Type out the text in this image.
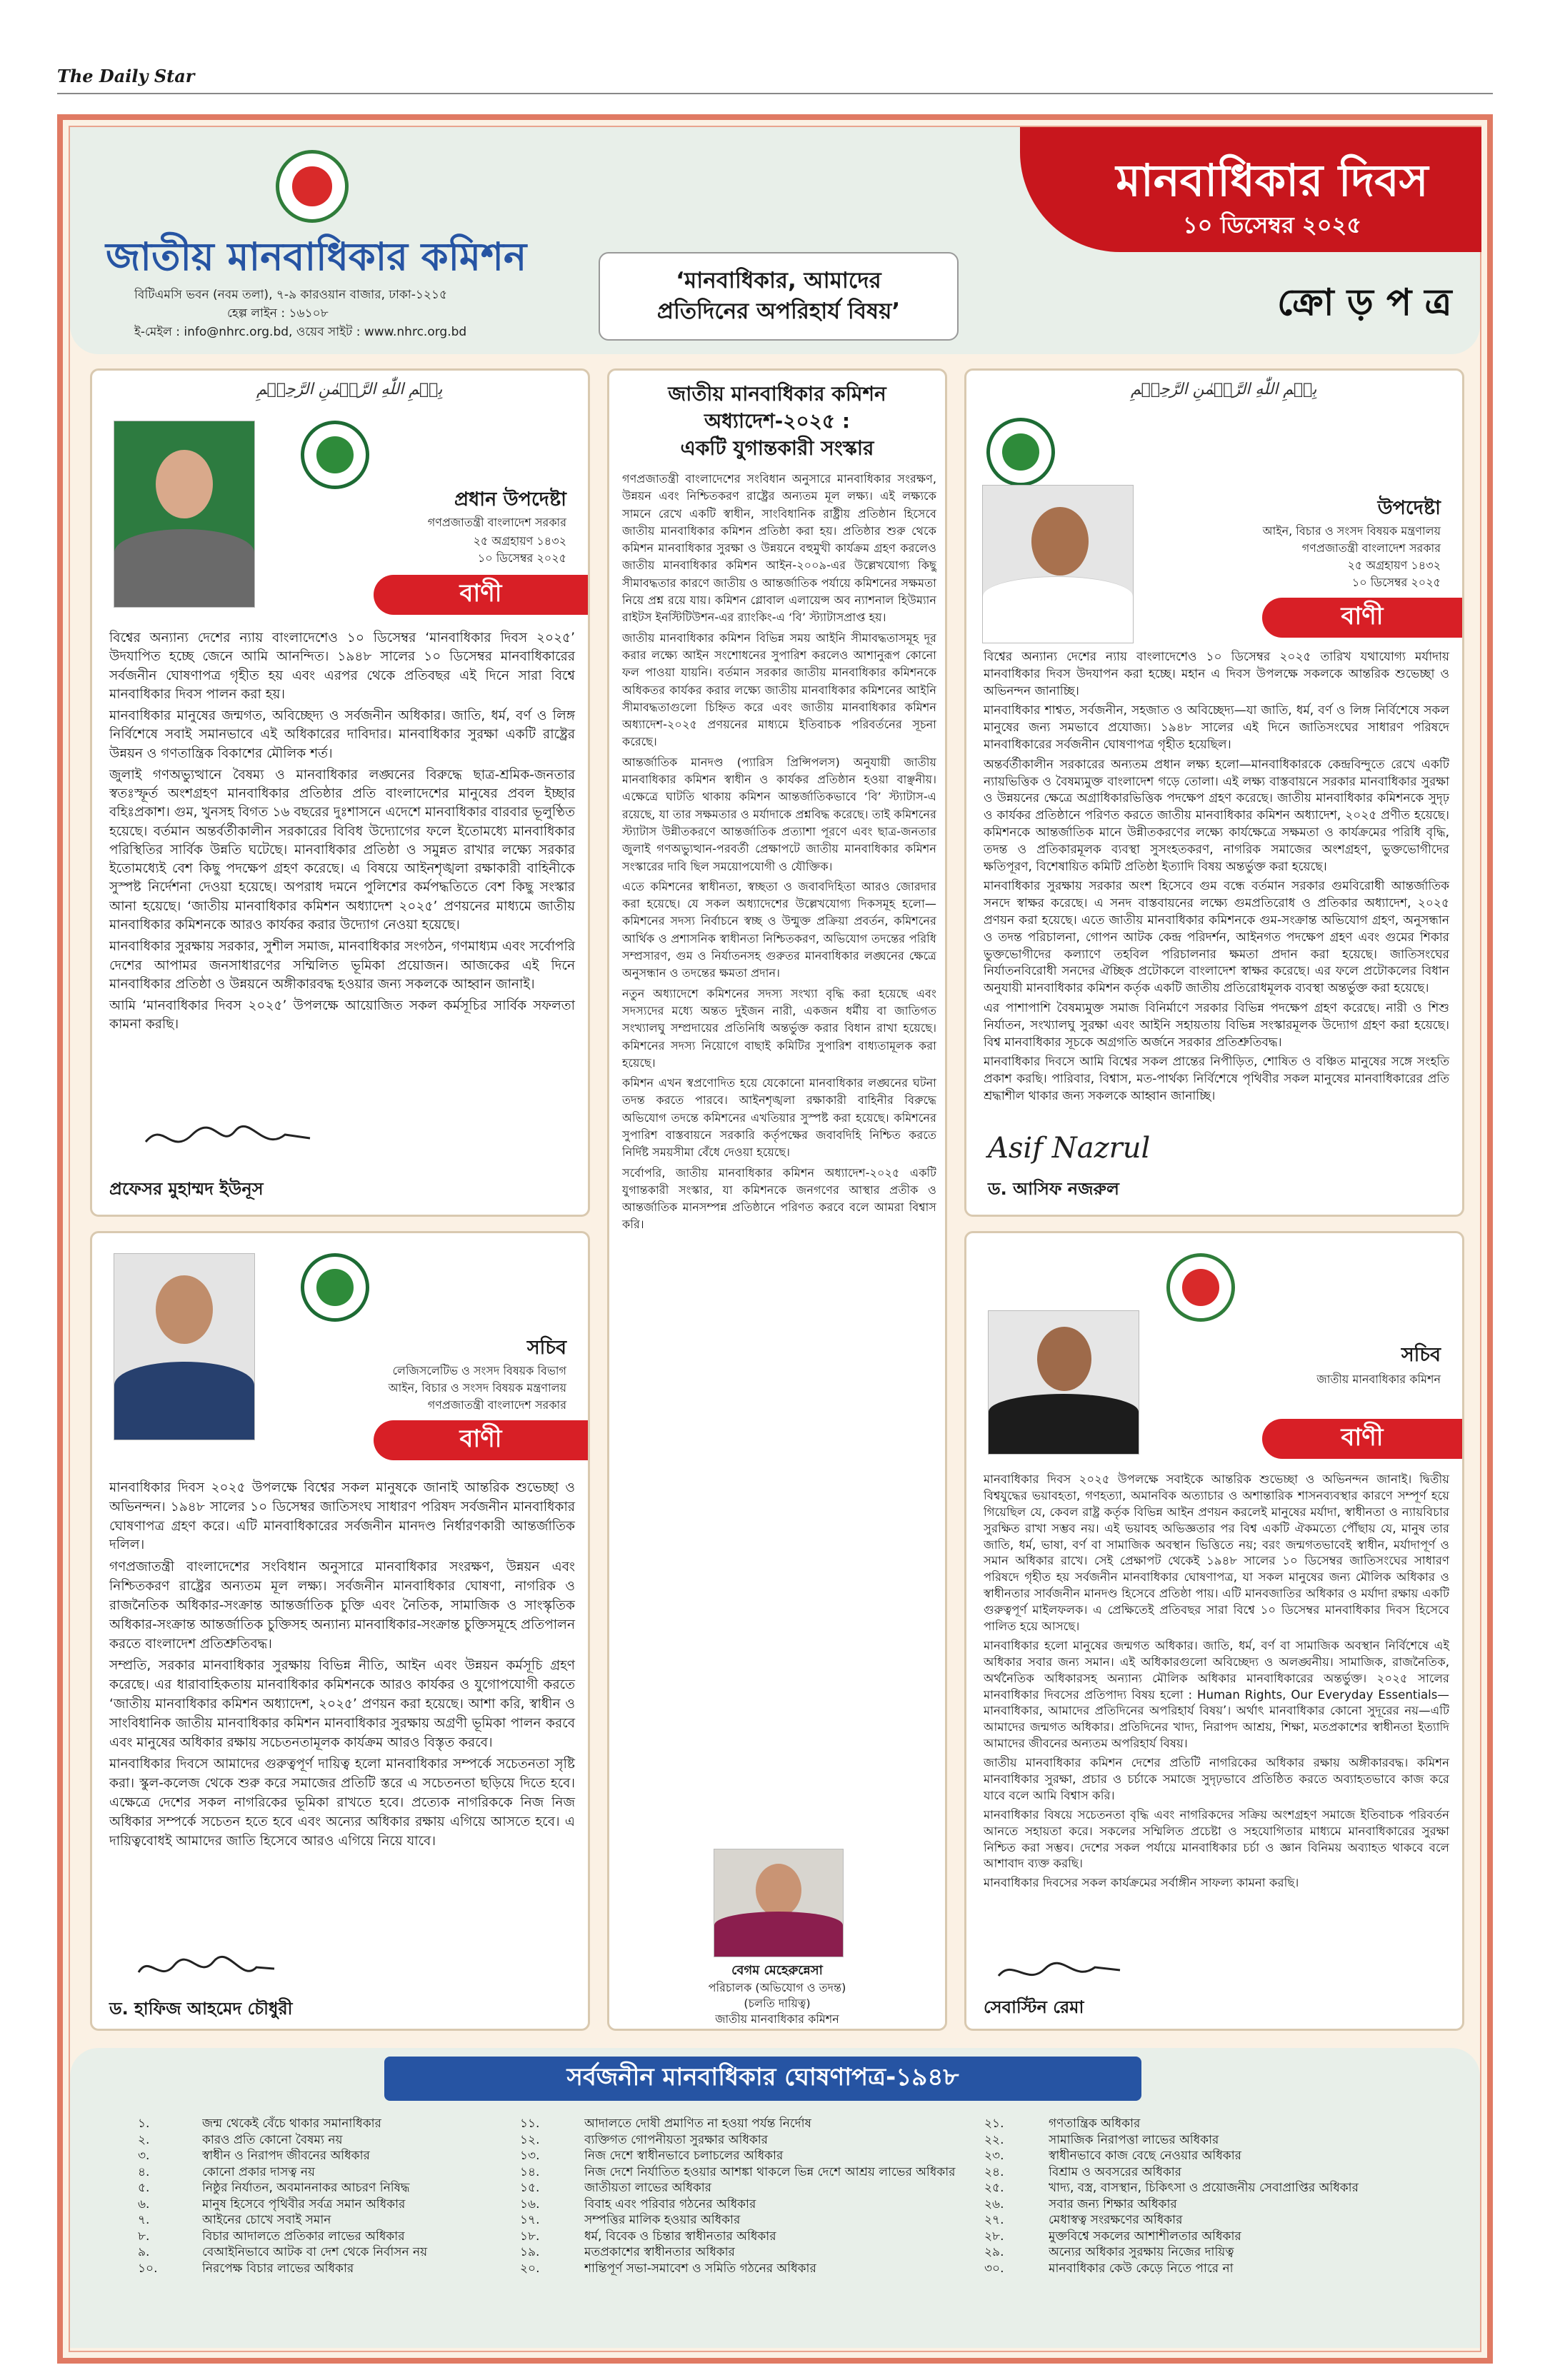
The Daily Star
জাতীয় মানবাধিকার কমিশন
বিটিএমসি ভবন (নবম তলা), ৭-৯ কারওয়ান বাজার, ঢাকা-১২১৫
হেল্প লাইন : ১৬১০৮
ই-মেইল : info@nhrc.org.bd, ওয়েব সাইট : www.nhrc.org.bd
‘মানবাধিকার, আমাদের
প্রতিদিনের অপরিহার্য বিষয়’
মানবাধিকার দিবস
১০ ডিসেম্বর ২০২৫
ক্রো ড় প ত্র
بِسۡمِ اللّٰهِ الرَّحۡمٰنِ الرَّحِيۡمِ
প্রধান উপদেষ্টা
গণপ্রজাতন্ত্রী বাংলাদেশ সরকার
২৫ অগ্রহায়ণ ১৪৩২
১০ ডিসেম্বর ২০২৫
বাণী

বিশ্বের অন্যান্য দেশের ন্যায় বাংলাদেশেও ১০ ডিসেম্বর ‘মানবাধিকার দিবস ২০২৫’ উদযাপিত হচ্ছে জেনে আমি আনন্দিত। ১৯৪৮ সালের ১০ ডিসেম্বর মানবাধিকারের সর্বজনীন ঘোষণাপত্র গৃহীত হয় এবং এরপর থেকে প্রতিবছর এই দিনে সারা বিশ্বে মানবাধিকার দিবস পালন করা হয়।

মানবাধিকার মানুষের জন্মগত, অবিচ্ছেদ্য ও সর্বজনীন অধিকার। জাতি, ধর্ম, বর্ণ ও লিঙ্গ নির্বিশেষে সবাই সমানভাবে এই অধিকারের দাবিদার। মানবাধিকার সুরক্ষা একটি রাষ্ট্রের উন্নয়ন ও গণতান্ত্রিক বিকাশের মৌলিক শর্ত।

জুলাই গণঅভ্যুত্থানে বৈষম্য ও মানবাধিকার লঙ্ঘনের বিরুদ্ধে ছাত্র-শ্রমিক-জনতার স্বতঃস্ফূর্ত অংশগ্রহণ মানবাধিকার প্রতিষ্ঠার প্রতি বাংলাদেশের মানুষের প্রবল ইচ্ছার বহিঃপ্রকাশ। গুম, খুনসহ বিগত ১৬ বছরের দুঃশাসনে এদেশে মানবাধিকার বারবার ভূলুণ্ঠিত হয়েছে। বর্তমান অন্তর্বর্তীকালীন সরকারের বিবিধ উদ্যোগের ফলে ইতোমধ্যে মানবাধিকার পরিস্থিতির সার্বিক উন্নতি ঘটেছে। মানবাধিকার প্রতিষ্ঠা ও সমুন্নত রাখার লক্ষ্যে সরকার ইতোমধ্যেই বেশ কিছু পদক্ষেপ গ্রহণ করেছে। এ বিষয়ে আইনশৃঙ্খলা রক্ষাকারী বাহিনীকে সুস্পষ্ট নির্দেশনা দেওয়া হয়েছে। অপরাধ দমনে পুলিশের কর্মপদ্ধতিতে বেশ কিছু সংস্কার আনা হয়েছে। ‘জাতীয় মানবাধিকার কমিশন অধ্যাদেশ ২০২৫’ প্রণয়নের মাধ্যমে জাতীয় মানবাধিকার কমিশনকে আরও কার্যকর করার উদ্যোগ নেওয়া হয়েছে।

মানবাধিকার সুরক্ষায় সরকার, সুশীল সমাজ, মানবাধিকার সংগঠন, গণমাধ্যম এবং সর্বোপরি দেশের আপামর জনসাধারণের সম্মিলিত ভূমিকা প্রয়োজন। আজকের এই দিনে মানবাধিকার প্রতিষ্ঠা ও উন্নয়নে অঙ্গীকারবদ্ধ হওয়ার জন্য সকলকে আহ্বান জানাই।

আমি ‘মানবাধিকার দিবস ২০২৫’ উপলক্ষে আয়োজিত সকল কর্মসূচির সার্বিক সফলতা কামনা করছি।

প্রফেসর মুহাম্মদ ইউনূস
জাতীয় মানবাধিকার কমিশন
অধ্যাদেশ-২০২৫ :
একটি যুগান্তকারী সংস্কার

গণপ্রজাতন্ত্রী বাংলাদেশের সংবিধান অনুসারে মানবাধিকার সংরক্ষণ, উন্নয়ন এবং নিশ্চিতকরণ রাষ্ট্রের অন্যতম মূল লক্ষ্য। এই লক্ষ্যকে সামনে রেখে একটি স্বাধীন, সাংবিধানিক রাষ্ট্রীয় প্রতিষ্ঠান হিসেবে জাতীয় মানবাধিকার কমিশন প্রতিষ্ঠা করা হয়। প্রতিষ্ঠার শুরু থেকে কমিশন মানবাধিকার সুরক্ষা ও উন্নয়নে বহুমুখী কার্যক্রম গ্রহণ করলেও জাতীয় মানবাধিকার কমিশন আইন-২০০৯-এর উল্লেখযোগ্য কিছু সীমাবদ্ধতার কারণে জাতীয় ও আন্তর্জাতিক পর্যায়ে কমিশনের সক্ষমতা নিয়ে প্রশ্ন রয়ে যায়। কমিশন গ্লোবাল এলায়েন্স অব ন্যাশনাল হিউম্যান রাইটস ইনস্টিটিউশন-এর র‍্যাংকিং-এ ‘বি’ স্ট্যাটাসপ্রাপ্ত হয়।

জাতীয় মানবাধিকার কমিশন বিভিন্ন সময় আইনি সীমাবদ্ধতাসমূহ দূর করার লক্ষ্যে আইন সংশোধনের সুপারিশ করলেও আশানুরূপ কোনো ফল পাওয়া যায়নি। বর্তমান সরকার জাতীয় মানবাধিকার কমিশনকে অধিকতর কার্যকর করার লক্ষ্যে জাতীয় মানবাধিকার কমিশনের আইনি সীমাবদ্ধতাগুলো চিহ্নিত করে এবং জাতীয় মানবাধিকার কমিশন অধ্যাদেশ-২০২৫ প্রণয়নের মাধ্যমে ইতিবাচক পরিবর্তনের সূচনা করেছে।

আন্তর্জাতিক মানদণ্ড (প্যারিস প্রিন্সিপলস) অনুযায়ী জাতীয় মানবাধিকার কমিশন স্বাধীন ও কার্যকর প্রতিষ্ঠান হওয়া বাঞ্ছনীয়। এক্ষেত্রে ঘাটতি থাকায় কমিশন আন্তর্জাতিকভাবে ‘বি’ স্ট্যাটাস-এ রয়েছে, যা তার সক্ষমতার ও মর্যাদাকে প্রশ্নবিদ্ধ করেছে। তাই কমিশনের স্ট্যাটাস উন্নীতকরণে আন্তর্জাতিক প্রত্যাশা পূরণে এবং ছাত্র-জনতার জুলাই গণঅভ্যুত্থান-পরবর্তী প্রেক্ষাপটে জাতীয় মানবাধিকার কমিশন সংস্কারের দাবি ছিল সময়োপযোগী ও যৌক্তিক।

এতে কমিশনের স্বাধীনতা, স্বচ্ছতা ও জবাবদিহিতা আরও জোরদার করা হয়েছে। যে সকল অধ্যাদেশের উল্লেখযোগ্য দিকসমূহ হলো—কমিশনের সদস্য নির্বাচনে স্বচ্ছ ও উন্মুক্ত প্রক্রিয়া প্রবর্তন, কমিশনের আর্থিক ও প্রশাসনিক স্বাধীনতা নিশ্চিতকরণ, অভিযোগ তদন্তের পরিধি সম্প্রসারণ, গুম ও নির্যাতনসহ গুরুতর মানবাধিকার লঙ্ঘনের ক্ষেত্রে অনুসন্ধান ও তদন্তের ক্ষমতা প্রদান।

নতুন অধ্যাদেশে কমিশনের সদস্য সংখ্যা বৃদ্ধি করা হয়েছে এবং সদস্যদের মধ্যে অন্তত দুইজন নারী, একজন ধর্মীয় বা জাতিগত সংখ্যালঘু সম্প্রদায়ের প্রতিনিধি অন্তর্ভুক্ত করার বিধান রাখা হয়েছে। কমিশনের সদস্য নিয়োগে বাছাই কমিটির সুপারিশ বাধ্যতামূলক করা হয়েছে।

কমিশন এখন স্বপ্রণোদিত হয়ে যেকোনো মানবাধিকার লঙ্ঘনের ঘটনা তদন্ত করতে পারবে। আইনশৃঙ্খলা রক্ষাকারী বাহিনীর বিরুদ্ধে অভিযোগ তদন্তে কমিশনের এখতিয়ার সুস্পষ্ট করা হয়েছে। কমিশনের সুপারিশ বাস্তবায়নে সরকারি কর্তৃপক্ষের জবাবদিহি নিশ্চিত করতে নির্দিষ্ট সময়সীমা বেঁধে দেওয়া হয়েছে।

সর্বোপরি, জাতীয় মানবাধিকার কমিশন অধ্যাদেশ-২০২৫ একটি যুগান্তকারী সংস্কার, যা কমিশনকে জনগণের আস্থার প্রতীক ও আন্তর্জাতিক মানসম্পন্ন প্রতিষ্ঠানে পরিণত করবে বলে আমরা বিশ্বাস করি।

বেগম মেহেরুন্নেসা
পরিচালক (অভিযোগ ও তদন্ত)
(চলতি দায়িত্ব)
জাতীয় মানবাধিকার কমিশন
بِسۡمِ اللّٰهِ الرَّحۡمٰنِ الرَّحِيۡمِ
উপদেষ্টা
আইন, বিচার ও সংসদ বিষয়ক মন্ত্রণালয়
গণপ্রজাতন্ত্রী বাংলাদেশ সরকার
২৫ অগ্রহায়ণ ১৪৩২
১০ ডিসেম্বর ২০২৫
বাণী

বিশ্বের অন্যান্য দেশের ন্যায় বাংলাদেশেও ১০ ডিসেম্বর ২০২৫ তারিখ যথাযোগ্য মর্যাদায় মানবাধিকার দিবস উদযাপন করা হচ্ছে। মহান এ দিবস উপলক্ষে সকলকে আন্তরিক শুভেচ্ছা ও অভিনন্দন জানাচ্ছি।

মানবাধিকার শাশ্বত, সর্বজনীন, সহজাত ও অবিচ্ছেদ্য—যা জাতি, ধর্ম, বর্ণ ও লিঙ্গ নির্বিশেষে সকল মানুষের জন্য সমভাবে প্রযোজ্য। ১৯৪৮ সালের এই দিনে জাতিসংঘের সাধারণ পরিষদে মানবাধিকারের সর্বজনীন ঘোষণাপত্র গৃহীত হয়েছিল।

অন্তর্বর্তীকালীন সরকারের অন্যতম প্রধান লক্ষ্য হলো—মানবাধিকারকে কেন্দ্রবিন্দুতে রেখে একটি ন্যায়ভিত্তিক ও বৈষম্যমুক্ত বাংলাদেশ গড়ে তোলা। এই লক্ষ্য বাস্তবায়নে সরকার মানবাধিকার সুরক্ষা ও উন্নয়নের ক্ষেত্রে অগ্রাধিকারভিত্তিক পদক্ষেপ গ্রহণ করেছে। জাতীয় মানবাধিকার কমিশনকে সুদৃঢ় ও কার্যকর প্রতিষ্ঠানে পরিণত করতে জাতীয় মানবাধিকার কমিশন অধ্যাদেশ, ২০২৫ প্রণীত হয়েছে। কমিশনকে আন্তর্জাতিক মানে উন্নীতকরণের লক্ষ্যে কার্যক্ষেত্রে সক্ষমতা ও কার্যক্রমের পরিধি বৃদ্ধি, তদন্ত ও প্রতিকারমূলক ব্যবস্থা সুসংহতকরণ, নাগরিক সমাজের অংশগ্রহণ, ভুক্তভোগীদের ক্ষতিপূরণ, বিশেষায়িত কমিটি প্রতিষ্ঠা ইত্যাদি বিষয় অন্তর্ভুক্ত করা হয়েছে।

মানবাধিকার সুরক্ষায় সরকার অংশ হিসেবে গুম বন্ধে বর্তমান সরকার গুমবিরোধী আন্তর্জাতিক সনদে স্বাক্ষর করেছে। এ সনদ বাস্তবায়নের লক্ষ্যে গুমপ্রতিরোধ ও প্রতিকার অধ্যাদেশ, ২০২৫ প্রণয়ন করা হয়েছে। এতে জাতীয় মানবাধিকার কমিশনকে গুম-সংক্রান্ত অভিযোগ গ্রহণ, অনুসন্ধান ও তদন্ত পরিচালনা, গোপন আটক কেন্দ্র পরিদর্শন, আইনগত পদক্ষেপ গ্রহণ এবং গুমের শিকার ভুক্তভোগীদের কল্যাণে তহবিল পরিচালনার ক্ষমতা প্রদান করা হয়েছে। জাতিসংঘের নির্যাতনবিরোধী সনদের ঐচ্ছিক প্রটোকলে বাংলাদেশ স্বাক্ষর করেছে। এর ফলে প্রটোকলের বিধান অনুযায়ী মানবাধিকার কমিশন কর্তৃক একটি জাতীয় প্রতিরোধমূলক ব্যবস্থা অন্তর্ভুক্ত করা হয়েছে।

এর পাশাপাশি বৈষম্যমুক্ত সমাজ বিনির্মাণে সরকার বিভিন্ন পদক্ষেপ গ্রহণ করেছে। নারী ও শিশু নির্যাতন, সংখ্যালঘু সুরক্ষা এবং আইনি সহায়তায় বিভিন্ন সংস্কারমূলক উদ্যোগ গ্রহণ করা হয়েছে। বিশ্ব মানবাধিকার সূচকে অগ্রগতি অর্জনে সরকার প্রতিশ্রুতিবদ্ধ।

মানবাধিকার দিবসে আমি বিশ্বের সকল প্রান্তের নিপীড়িত, শোষিত ও বঞ্চিত মানুষের সঙ্গে সংহতি প্রকাশ করছি। পারিবার, বিশ্বাস, মত-পার্থক্য নির্বিশেষে পৃথিবীর সকল মানুষের মানবাধিকারের প্রতি শ্রদ্ধাশীল থাকার জন্য সকলকে আহ্বান জানাচ্ছি।

Asif Nazrul
ড. আসিফ নজরুল
সচিব
লেজিসলেটিভ ও সংসদ বিষয়ক বিভাগ
আইন, বিচার ও সংসদ বিষয়ক মন্ত্রণালয়
গণপ্রজাতন্ত্রী বাংলাদেশ সরকার
বাণী

মানবাধিকার দিবস ২০২৫ উপলক্ষে বিশ্বের সকল মানুষকে জানাই আন্তরিক শুভেচ্ছা ও অভিনন্দন। ১৯৪৮ সালের ১০ ডিসেম্বর জাতিসংঘ সাধারণ পরিষদ সর্বজনীন মানবাধিকার ঘোষণাপত্র গ্রহণ করে। এটি মানবাধিকারের সর্বজনীন মানদণ্ড নির্ধারণকারী আন্তর্জাতিক দলিল।

গণপ্রজাতন্ত্রী বাংলাদেশের সংবিধান অনুসারে মানবাধিকার সংরক্ষণ, উন্নয়ন এবং নিশ্চিতকরণ রাষ্ট্রের অন্যতম মূল লক্ষ্য। সর্বজনীন মানবাধিকার ঘোষণা, নাগরিক ও রাজনৈতিক অধিকার-সংক্রান্ত আন্তর্জাতিক চুক্তি এবং নৈতিক, সামাজিক ও সাংস্কৃতিক অধিকার-সংক্রান্ত আন্তর্জাতিক চুক্তিসহ অন্যান্য মানবাধিকার-সংক্রান্ত চুক্তিসমূহে প্রতিপালন করতে বাংলাদেশ প্রতিশ্রুতিবদ্ধ।

সম্প্রতি, সরকার মানবাধিকার সুরক্ষায় বিভিন্ন নীতি, আইন এবং উন্নয়ন কর্মসূচি গ্রহণ করেছে। এর ধারাবাহিকতায় মানবাধিকার কমিশনকে আরও কার্যকর ও যুগোপযোগী করতে ‘জাতীয় মানবাধিকার কমিশন অধ্যাদেশ, ২০২৫’ প্রণয়ন করা হয়েছে। আশা করি, স্বাধীন ও সাংবিধানিক জাতীয় মানবাধিকার কমিশন মানবাধিকার সুরক্ষায় অগ্রণী ভূমিকা পালন করবে এবং মানুষের অধিকার রক্ষায় সচেতনতামূলক কার্যক্রম আরও বিস্তৃত করবে।

মানবাধিকার দিবসে আমাদের গুরুত্বপূর্ণ দায়িত্ব হলো মানবাধিকার সম্পর্কে সচেতনতা সৃষ্টি করা। স্কুল-কলেজ থেকে শুরু করে সমাজের প্রতিটি স্তরে এ সচেতনতা ছড়িয়ে দিতে হবে। এক্ষেত্রে দেশের সকল নাগরিকের ভূমিকা রাখতে হবে। প্রত্যেক নাগরিককে নিজ নিজ অধিকার সম্পর্কে সচেতন হতে হবে এবং অন্যের অধিকার রক্ষায় এগিয়ে আসতে হবে। এ দায়িত্ববোধই আমাদের জাতি হিসেবে আরও এগিয়ে নিয়ে যাবে।

ড. হাফিজ আহমেদ চৌধুরী
সচিব
জাতীয় মানবাধিকার কমিশন
বাণী

মানবাধিকার দিবস ২০২৫ উপলক্ষে সবাইকে আন্তরিক শুভেচ্ছা ও অভিনন্দন জানাই। দ্বিতীয় বিশ্বযুদ্ধের ভয়াবহতা, গণহত্যা, অমানবিক অত্যাচার ও অশান্তারিক শাসনব্যবস্থার কারণে সম্পূর্ণ হয়ে গিয়েছিল যে, কেবল রাষ্ট্র কর্তৃক বিভিন্ন আইন প্রণয়ন করলেই মানুষের মর্যাদা, স্বাধীনতা ও ন্যায়বিচার সুরক্ষিত রাখা সম্ভব নয়। এই ভয়াবহ অভিজ্ঞতার পর বিশ্ব একটি ঐকমত্যে পৌঁছায় যে, মানুষ তার জাতি, ধর্ম, ভাষা, বর্ণ বা সামাজিক অবস্থান ভিত্তিতে নয়; বরং জন্মগতভাবেই স্বাধীন, মর্যাদাপূর্ণ ও সমান অধিকার রাখে। সেই প্রেক্ষাপট থেকেই ১৯৪৮ সালের ১০ ডিসেম্বর জাতিসংঘের সাধারণ পরিষদে গৃহীত হয় সর্বজনীন মানবাধিকার ঘোষণাপত্র, যা সকল মানুষের জন্য মৌলিক অধিকার ও স্বাধীনতার সার্বজনীন মানদণ্ড হিসেবে প্রতিষ্ঠা পায়। এটি মানবজাতির অধিকার ও মর্যাদা রক্ষায় একটি গুরুত্বপূর্ণ মাইলফলক। এ প্রেক্ষিতেই প্রতিবছর সারা বিশ্বে ১০ ডিসেম্বর মানবাধিকার দিবস হিসেবে পালিত হয়ে আসছে।

মানবাধিকার হলো মানুষের জন্মগত অধিকার। জাতি, ধর্ম, বর্ণ বা সামাজিক অবস্থান নির্বিশেষে এই অধিকার সবার জন্য সমান। এই অধিকারগুলো অবিচ্ছেদ্য ও অলঙ্ঘনীয়। সামাজিক, রাজনৈতিক, অর্থনৈতিক অধিকারসহ অন্যান্য মৌলিক অধিকার মানবাধিকারের অন্তর্ভুক্ত। ২০২৫ সালের মানবাধিকার দিবসের প্রতিপাদ্য বিষয় হলো : Human Rights, Our Everyday Essentials—মানবাধিকার, আমাদের প্রতিদিনের অপরিহার্য বিষয়’। অর্থাৎ মানবাধিকার কোনো সুদূরের নয়—এটি আমাদের জন্মগত অধিকার। প্রতিদিনের খাদ্য, নিরাপদ আশ্রয়, শিক্ষা, মতপ্রকাশের স্বাধীনতা ইত্যাদি আমাদের জীবনের অন্যতম অপরিহার্য বিষয়।

জাতীয় মানবাধিকার কমিশন দেশের প্রতিটি নাগরিকের অধিকার রক্ষায় অঙ্গীকারবদ্ধ। কমিশন মানবাধিকার সুরক্ষা, প্রচার ও চর্চাকে সমাজে সুদৃঢ়ভাবে প্রতিষ্ঠিত করতে অব্যাহতভাবে কাজ করে যাবে বলে আমি বিশ্বাস করি।

মানবাধিকার বিষয়ে সচেতনতা বৃদ্ধি এবং নাগরিকদের সক্রিয় অংশগ্রহণ সমাজে ইতিবাচক পরিবর্তন আনতে সহায়তা করে। সকলের সম্মিলিত প্রচেষ্টা ও সহযোগিতার মাধ্যমে মানবাধিকারের সুরক্ষা নিশ্চিত করা সম্ভব। দেশের সকল পর্যায়ে মানবাধিকার চর্চা ও জ্ঞান বিনিময় অব্যাহত থাকবে বলে আশাবাদ ব্যক্ত করছি।

মানবাধিকার দিবসের সকল কার্যক্রমের সর্বাঙ্গীন সাফল্য কামনা করছি।

সেবাস্টিন রেমা
সর্বজনীন মানবাধিকার ঘোষণাপত্র-১৯৪৮
১.	জন্ম থেকেই বেঁচে থাকার সমানাধিকার
২.	কারও প্রতি কোনো বৈষম্য নয়
৩.	স্বাধীন ও নিরাপদ জীবনের অধিকার
৪.	কোনো প্রকার দাসত্ব নয়
৫.	নিষ্ঠুর নির্যাতন, অবমাননাকর আচরণ নিষিদ্ধ
৬.	মানুষ হিসেবে পৃথিবীর সর্বত্র সমান অধিকার
৭.	আইনের চোখে সবাই সমান
৮.	বিচার আদালতে প্রতিকার লাভের অধিকার
৯.	বেআইনিভাবে আটক বা দেশ থেকে নির্বাসন নয়
১০.	নিরপেক্ষ বিচার লাভের অধিকার
১১.	আদালতে দোষী প্রমাণিত না হওয়া পর্যন্ত নির্দোষ
১২.	ব্যক্তিগত গোপনীয়তা সুরক্ষার অধিকার
১৩.	নিজ দেশে স্বাধীনভাবে চলাচলের অধিকার
১৪.	নিজ দেশে নির্যাতিত হওয়ার আশঙ্কা থাকলে ভিন্ন দেশে আশ্রয় লাভের অধিকার
১৫.	জাতীয়তা লাভের অধিকার
১৬.	বিবাহ এবং পরিবার গঠনের অধিকার
১৭.	সম্পত্তির মালিক হওয়ার অধিকার
১৮.	ধর্ম, বিবেক ও চিন্তার স্বাধীনতার অধিকার
১৯.	মতপ্রকাশের স্বাধীনতার অধিকার
২০.	শান্তিপূর্ণ সভা-সমাবেশ ও সমিতি গঠনের অধিকার
২১.	গণতান্ত্রিক অধিকার
২২.	সামাজিক নিরাপত্তা লাভের অধিকার
২৩.	স্বাধীনভাবে কাজ বেছে নেওয়ার অধিকার
২৪.	বিশ্রাম ও অবসরের অধিকার
২৫.	খাদ্য, বস্ত্র, বাসস্থান, চিকিৎসা ও প্রয়োজনীয় সেবাপ্রাপ্তির অধিকার
২৬.	সবার জন্য শিক্ষার অধিকার
২৭.	মেধাস্বত্ব সংরক্ষণের অধিকার
২৮.	মুক্তবিশ্বে সকলের আশাশীলতার অধিকার
২৯.	অন্যের অধিকার সুরক্ষায় নিজের দায়িত্ব
৩০.	মানবাধিকার কেউ কেড়ে নিতে পারে না
